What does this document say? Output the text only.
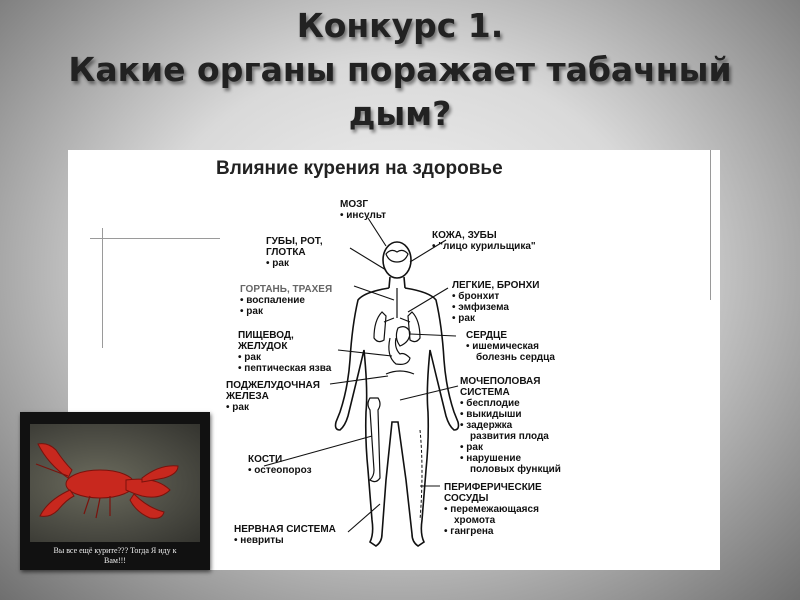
Конкурс 1.
Какие органы поражает табачный
дым?
Влияние курения на здоровье
МОЗГ
• инсульт
КОЖА, ЗУБЫ
• "лицо курильщика"
ГУБЫ, РОТ,
ГЛОТКА
• рак
ГОРТАНЬ, ТРАХЕЯ
• воспаление
• рак
ЛЕГКИЕ, БРОНХИ
• бронхит
• эмфизема
• рак
ПИЩЕВОД,
ЖЕЛУДОК
• рак
• пептическая язва
СЕРДЦЕ
• ишемическая
болезнь сердца
ПОДЖЕЛУДОЧНАЯ
ЖЕЛЕЗА
• рак
МОЧЕПОЛОВАЯ
СИСТЕМА
• бесплодие
• выкидыши
• задержка
развития плода
• рак
• нарушение
половых функций
КОСТИ
• остеопороз
ПЕРИФЕРИЧЕСКИЕ
СОСУДЫ
• перемежающаяся
хромота
• гангрена
НЕРВНАЯ СИСТЕМА
• невриты
Вы все ещё курите??? Тогда Я иду к
Вам!!!
